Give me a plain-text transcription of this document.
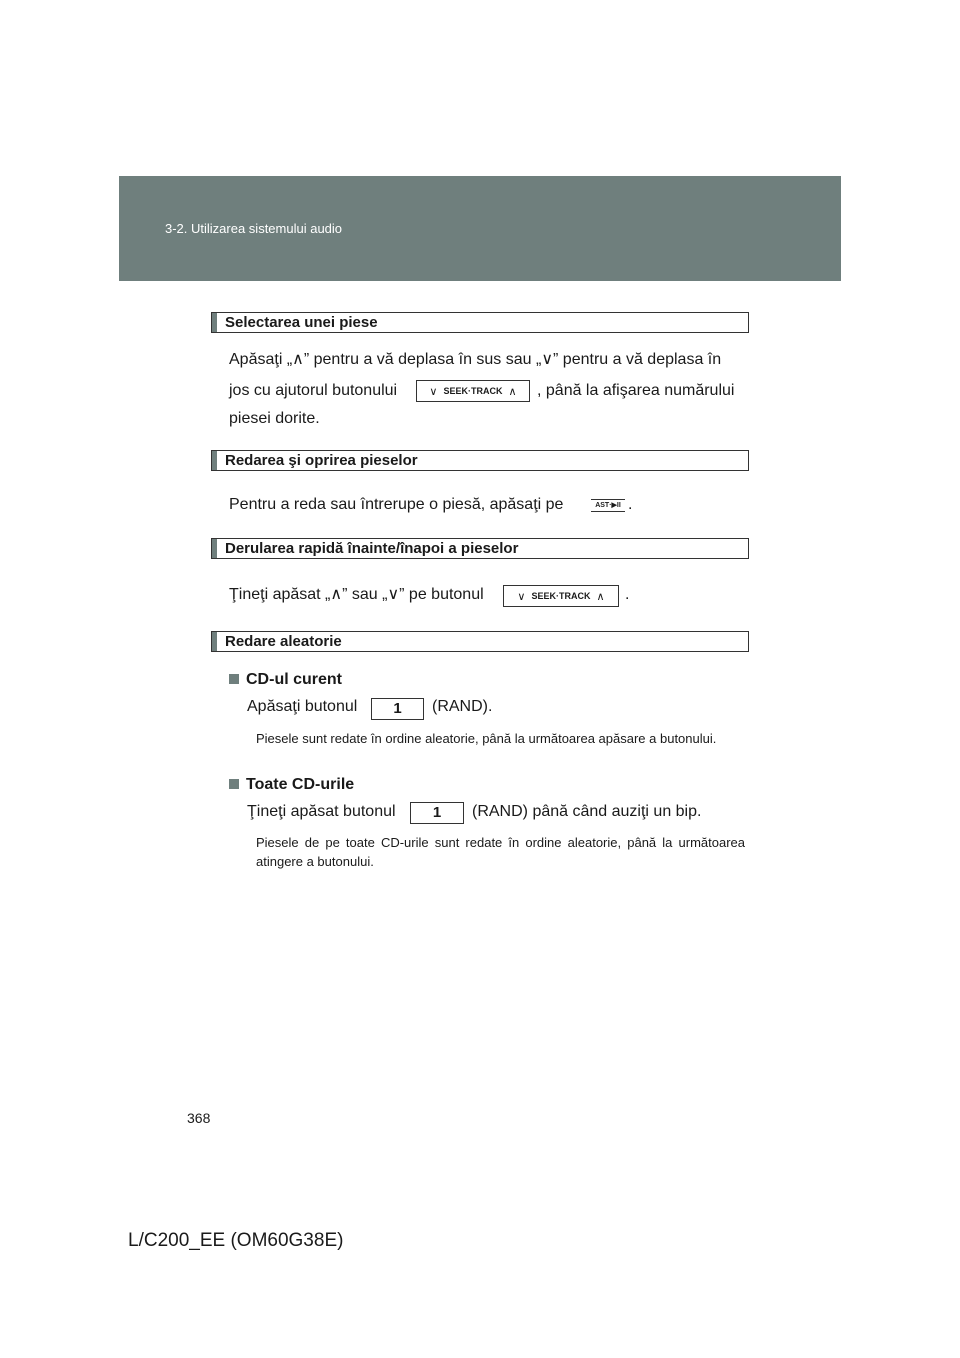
3-2. Utilizarea sistemului audio
Selectarea unei piese
Apăsaţi „∧” pentru a vă deplasa în sus sau „∨” pentru a vă deplasa în
jos cu ajutorul butonului	∨ SEEK·TRACK ∧ , până la afişarea numărului
piesei dorite.
Redarea şi oprirea pieselor
Pentru a reda sau întrerupe o piesă, apăsaţi pe	AST·▶II .
Derularea rapidă înainte/înapoi a pieselor
Ţineţi apăsat „∧” sau „∨” pe butonul	∨ SEEK·TRACK ∧ .
Redare aleatorie
CD-ul curent
Apăsaţi butonul	1	(RAND).
Piesele sunt redate în ordine aleatorie, până la următoarea apăsare a butonului.
Toate CD-urile
Ţineţi apăsat butonul	1	(RAND) până când auziţi un bip.
Piesele de pe toate CD-urile sunt redate în ordine aleatorie, până la următoarea atingere a butonului.
368
L/C200_EE (OM60G38E)
